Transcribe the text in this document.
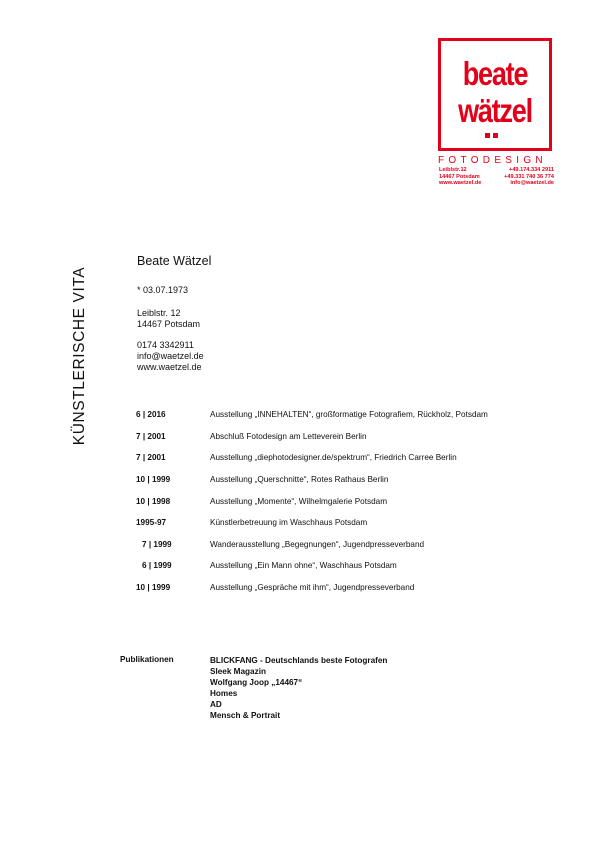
beate
wätzel
FOTODESIGN
Leiblstr.12	+49.174.334 2911
14467 Potsdam	+49.331 740 36 774
www.waetzel.de	info@waetzel.de
KÜNSTLERISCHE VITA
Beate Wätzel
* 03.07.1973
Leiblstr. 12
14467 Potsdam
0174 3342911
info@waetzel.de
www.waetzel.de
6 | 2016	Ausstellung „INNEHALTEN“, großformatige Fotografiem, Rückholz, Potsdam
7 | 2001	Abschluß Fotodesign am Letteverein Berlin
7 | 2001	Ausstellung „diephotodesigner.de/spektrum“, Friedrich Carree Berlin
10 | 1999	Ausstellung „Querschnitte“, Rotes Rathaus Berlin
10 | 1998	Ausstellung „Momente“, Wilhelmgalerie Potsdam
1995-97	Künstlerbetreuung im Waschhaus Potsdam
7 | 1999	Wanderausstellung „Begegnungen“, Jugendpresseverband
6 | 1999	Ausstellung „Ein Mann ohne“, Waschhaus Potsdam
10 | 1999	Ausstellung „Gespräche mit ihm“, Jugendpresseverband
Publikationen	BLICKFANG - Deutschlands beste Fotografen
Sleek Magazin
Wolfgang Joop „14467“
Homes
AD
Mensch & Portrait
